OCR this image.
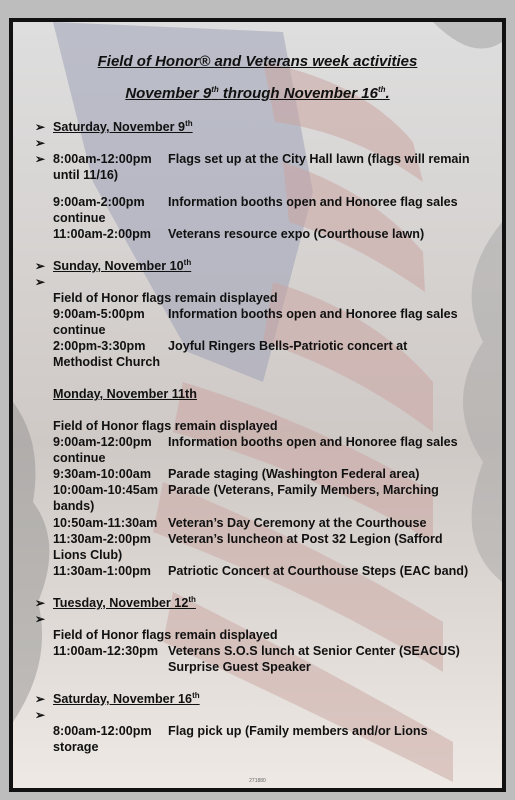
Field of Honor® and Veterans week activities
November 9th through November 16th.
➢ Saturday, November 9th
➢
➢ 8:00am-12:00pm Flags set up at the City Hall lawn (flags will remain
until 11/16)
9:00am-2:00pm Information booths open and Honoree flag sales
continue
11:00am-2:00pm Veterans resource expo (Courthouse lawn)
➢ Sunday, November 10th
➢
Field of Honor flags remain displayed
9:00am-5:00pm Information booths open and Honoree flag sales
continue
2:00pm-3:30pm Joyful Ringers Bells-Patriotic concert at
Methodist Church
Monday, November 11th
Field of Honor flags remain displayed
9:00am-12:00pm Information booths open and Honoree flag sales
continue
9:30am-10:00am Parade staging (Washington Federal area)
10:00am-10:45am Parade (Veterans, Family Members, Marching
bands)
10:50am-11:30am Veteran’s Day Ceremony at the Courthouse
11:30am-2:00pm Veteran’s luncheon at Post 32 Legion (Safford
Lions Club)
11:30am-1:00pm Patriotic Concert at Courthouse Steps (EAC band)
➢ Tuesday, November 12th
➢
Field of Honor flags remain displayed
11:00am-12:30pm Veterans S.O.S lunch at Senior Center (SEACUS)
Surprise Guest Speaker
➢ Saturday, November 16th
➢
8:00am-12:00pm Flag pick up (Family members and/or Lions
storage
271880
